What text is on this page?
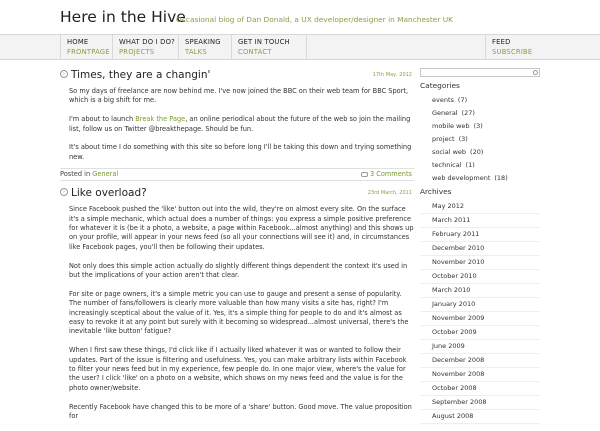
Here in the Hive
Occasional blog of Dan Donald, a UX developer/designer in Manchester UK
HOME
FRONTPAGE
WHAT DO I DO?
PROJECTS
SPEAKING
TALKS
GET IN TOUCH
CONTACT
FEED
SUBSCRIBE
› Times, they are a changin'	17th May, 2012

So my days of freelance are now behind me. I've now joined the BBC on their web team for BBC Sport, which is a big shift for me.

I'm about to launch Break the Page, an online periodical about the future of the web so join the mailing list, follow us on Twitter @breakthepage. Should be fun.

It's about time I do something with this site so before long I'll be taking this down and trying something new.

Posted in General	3 Comments
› Like overload?	23rd March, 2011

Since Facebook pushed the 'like' button out into the wild, they're on almost every site. On the surface it's a simple mechanic, which actual does a number of things: you express a simple positive preference for whatever it is (be it a photo, a website, a page within Facebook...almost anything) and this shows up on your profile, will appear in your news feed (so all your connections will see it) and, in circumstances like Facebook pages, you'll then be following their updates.

Not only does this simple action actually do slightly different things dependent the context it's used in but the implications of your action aren't that clear.

For site or page owners, it's a simple metric you can use to gauge and present a sense of popularity. The number of fans/followers is clearly more valuable than how many visits a site has, right? I'm increasingly sceptical about the value of it. Yes, it's a simple thing for people to do and it's almost as easy to revoke it at any point but surely with it becoming so widespread...almost universal, there's the inevitable 'like button' fatigue?

When I first saw these things, I'd click like if I actually liked whatever it was or wanted to follow their updates. Part of the issue is filtering and usefulness. Yes, you can make arbitrary lists within Facebook to filter your news feed but in my experience, few people do. In one major view, where's the value for the user? I click 'like' on a photo on a website, which shows on my news feed and the value is for the photo owner/website.

Recently Facebook have changed this to be more of a 'share' button. Good move. The value proposition for

Categories
events (7)
General (27)
mobile web (3)
project (3)
social web (20)
technical (1)
web development (18)
Archives
May 2012
March 2011
February 2011
December 2010
November 2010
October 2010
March 2010
January 2010
November 2009
October 2009
June 2009
December 2008
November 2008
October 2008
September 2008
August 2008
